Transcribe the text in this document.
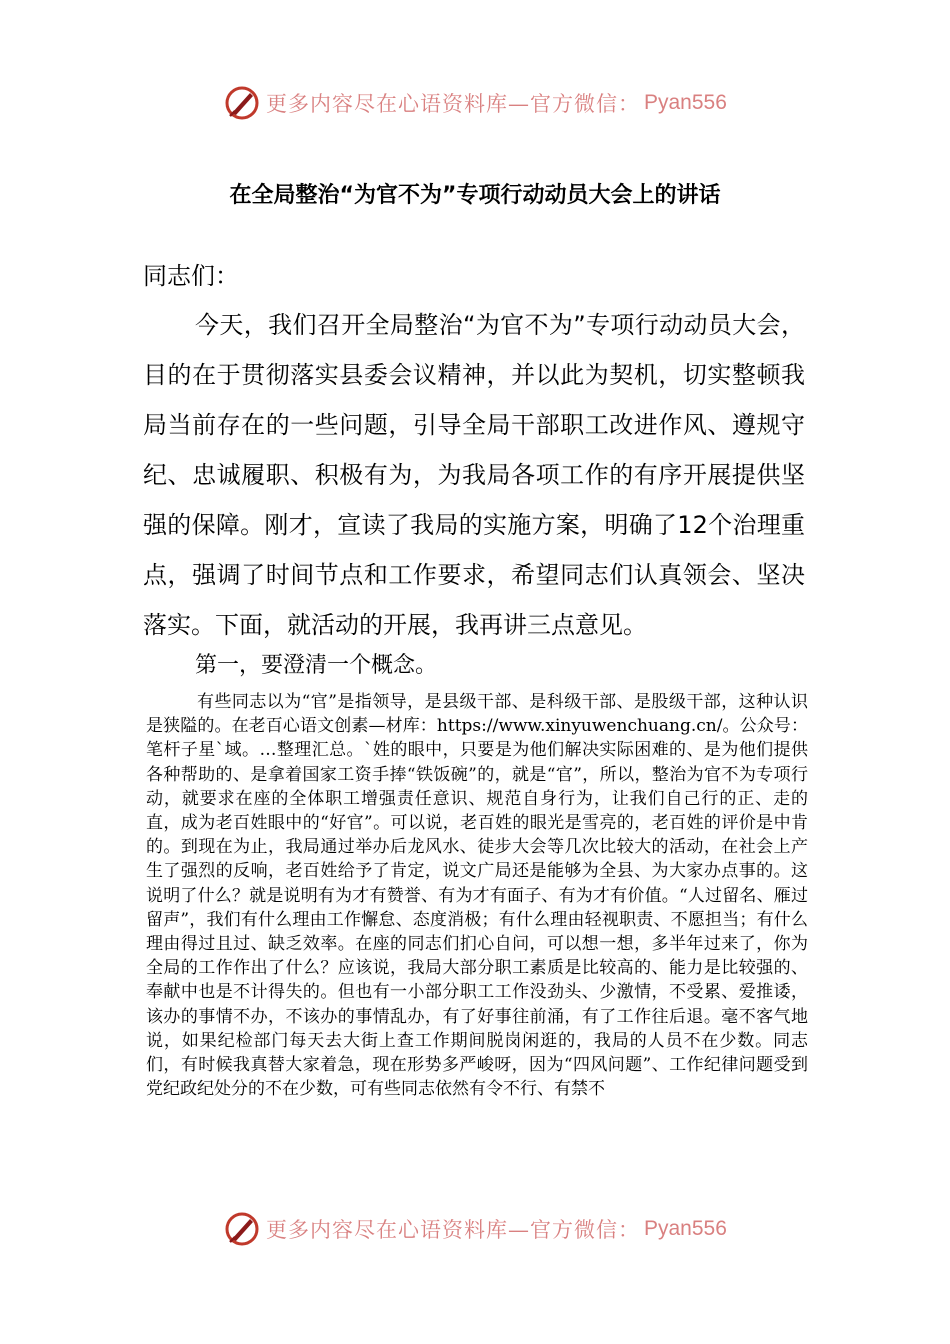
更多内容尽在心语资料库—官方微信： Pyan556
在全局整治“为官不为”专项行动动员大会上的讲话
同志们：
今天，我们召开全局整治“为官不为”专项行动动员大会，目的在于贯彻落实县委会议精神，并以此为契机，切实整顿我局当前存在的一些问题，引导全局干部职工改进作风、遵规守纪、忠诚履职、积极有为，为我局各项工作的有序开展提供坚强的保障。刚才，宣读了我局的实施方案，明确了12个治理重点，强调了时间节点和工作要求，希望同志们认真领会、坚决落实。下面，就活动的开展，我再讲三点意见。
第一，要澄清一个概念。
有些同志以为“官”是指领导，是县级干部、是科级干部、是股级干部，这种认识是狭隘的。在老百心语文创素—材库：https://www.xinyuwenchuang.cn/。公众号：笔杆子星`域。…整理汇总。`姓的眼中，只要是为他们解决实际困难的、是为他们提供各种帮助的、是拿着国家工资手捧“铁饭碗”的，就是“官”，所以，整治为官不为专项行动，就要求在座的全体职工增强责任意识、规范自身行为，让我们自己行的正、走的直，成为老百姓眼中的“好官”。可以说，老百姓的眼光是雪亮的，老百姓的评价是中肯的。到现在为止，我局通过举办后龙风水、徒步大会等几次比较大的活动，在社会上产生了强烈的反响，老百姓给予了肯定，说文广局还是能够为全县、为大家办点事的。这说明了什么？就是说明有为才有赞誉、有为才有面子、有为才有价值。“人过留名、雁过留声”，我们有什么理由工作懈怠、态度消极；有什么理由轻视职责、不愿担当；有什么理由得过且过、缺乏效率。在座的同志们扪心自问，可以想一想，多半年过来了，你为全局的工作作出了什么？应该说，我局大部分职工素质是比较高的、能力是比较强的、奉献中也是不计得失的。但也有一小部分职工工作没劲头、少激情，不受累、爱推诿，该办的事情不办，不该办的事情乱办，有了好事往前涌，有了工作往后退。毫不客气地说，如果纪检部门每天去大街上查工作期间脱岗闲逛的，我局的人员不在少数。同志们，有时候我真替大家着急，现在形势多严峻呀，因为“四风问题”、工作纪律问题受到党纪政纪处分的不在少数，可有些同志依然有令不行、有禁不
更多内容尽在心语资料库—官方微信： Pyan556
